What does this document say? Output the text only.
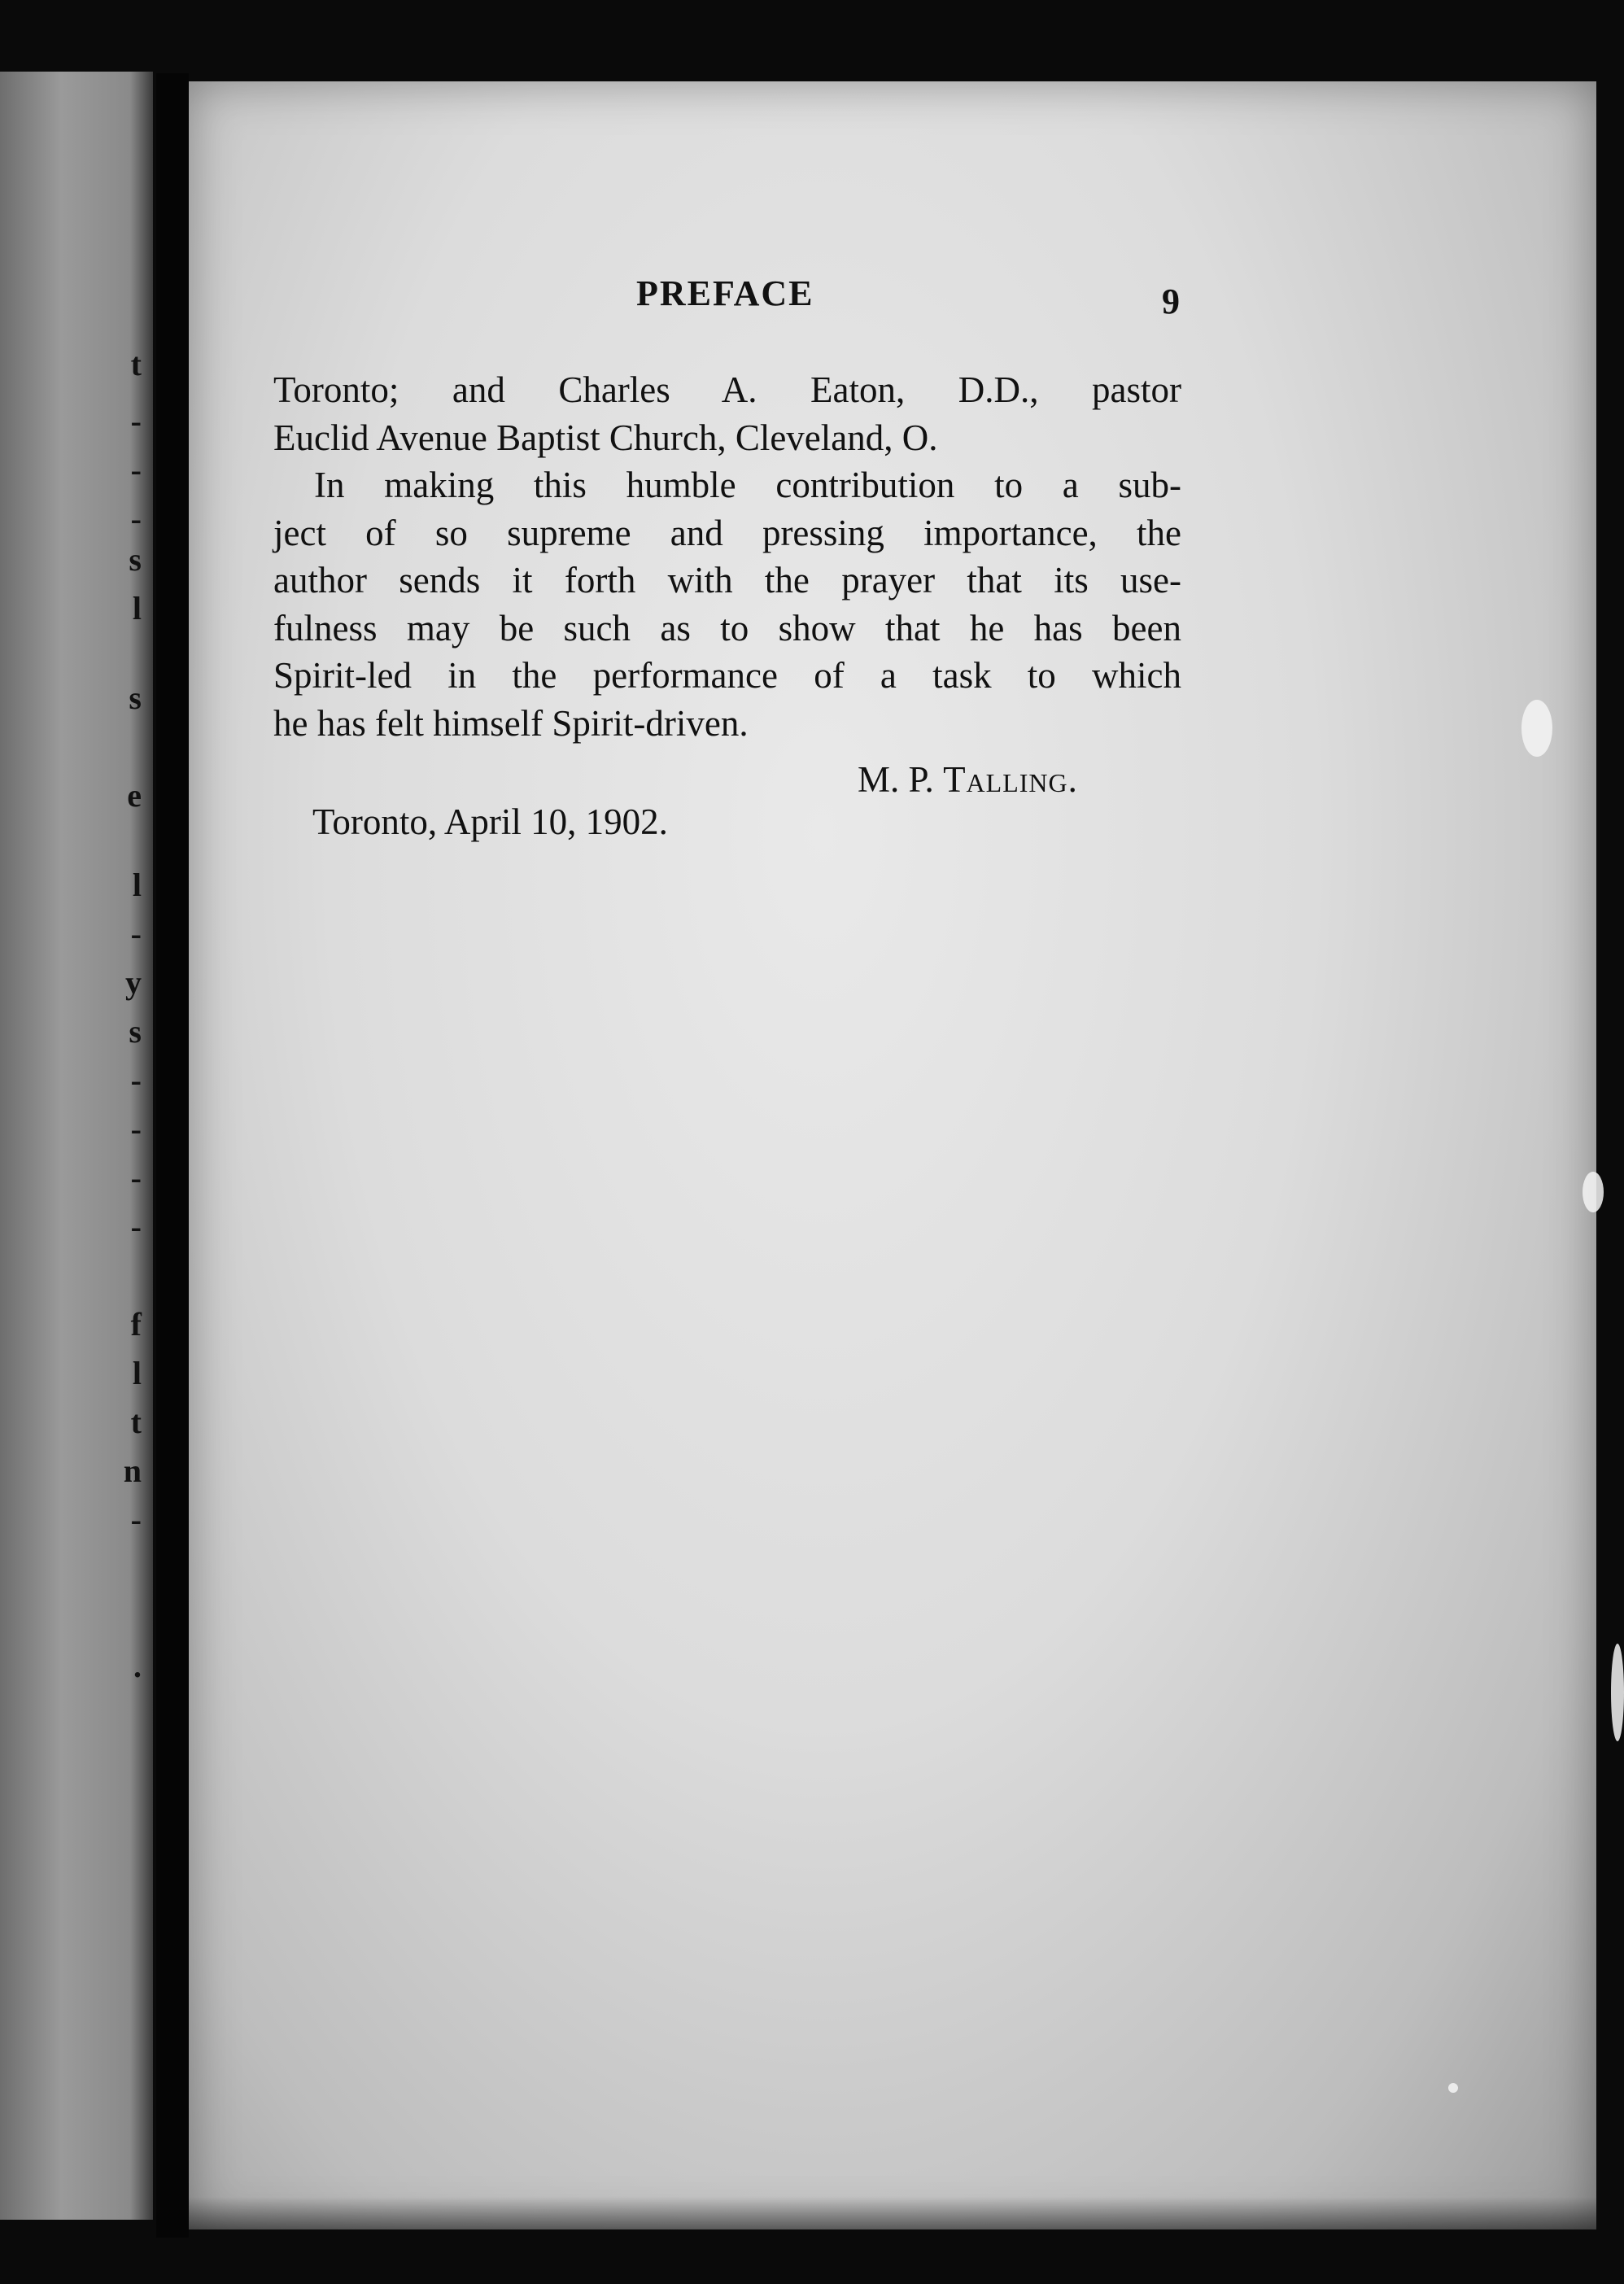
t
-
-
-
s
l
s
e
l
-
y
s
-
-
-
-
f
l
t
n
-
.
PREFACE	9
Toronto; and Charles A. Eaton, D.D., pastor
Euclid Avenue Baptist Church, Cleveland, O.
In making this humble contribution to a sub-
ject of so supreme and pressing importance, the
author sends it forth with the prayer that its use-
fulness may be such as to show that he has been
Spirit-led in the performance of a task to which
he has felt himself Spirit-driven.
M. P. Talling.
Toronto, April 10, 1902.
